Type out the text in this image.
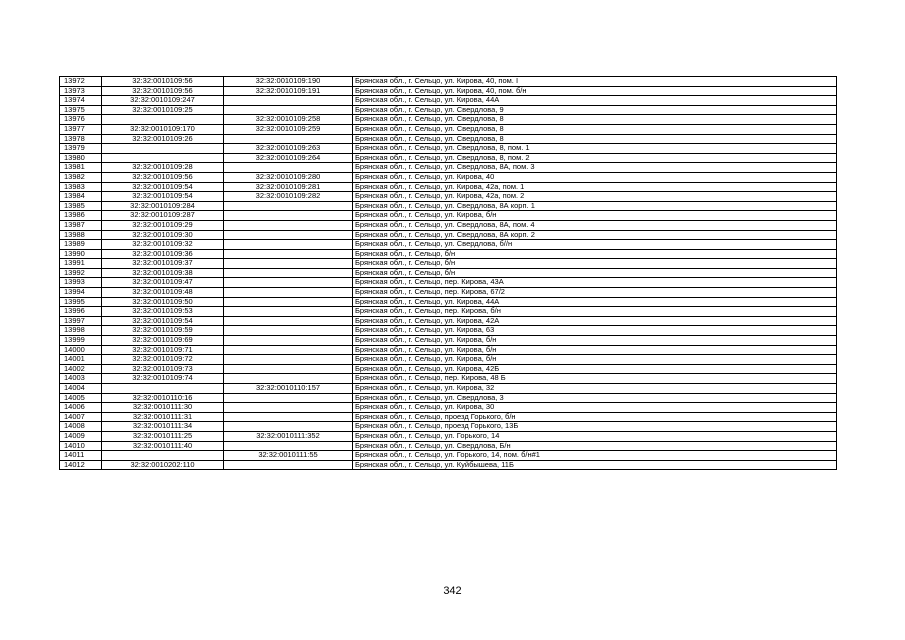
13972	32:32:0010109:56	32:32:0010109:190	Брянская обл., г. Сельцо, ул. Кирова, 40, пом. I
13973	32:32:0010109:56	32:32:0010109:191	Брянская обл., г. Сельцо, ул. Кирова, 40, пом. б/н
13974	32:32:0010109:247		Брянская обл., г. Сельцо, ул. Кирова, 44А
13975	32:32:0010109:25		Брянская обл., г. Сельцо, ул. Свердлова, 9
13976		32:32:0010109:258	Брянская обл., г. Сельцо, ул. Свердлова, 8
13977	32:32:0010109:170	32:32:0010109:259	Брянская обл., г. Сельцо, ул. Свердлова, 8
13978	32:32:0010109:26		Брянская обл., г. Сельцо, ул. Свердлова, 8
13979		32:32:0010109:263	Брянская обл., г. Сельцо, ул. Свердлова, 8, пом. 1
13980		32:32:0010109:264	Брянская обл., г. Сельцо, ул. Свердлова, 8, пом. 2
13981	32:32:0010109:28		Брянская обл., г. Сельцо, ул. Свердлова, 8А, пом. 3
13982	32:32:0010109:56	32:32:0010109:280	Брянская обл., г. Сельцо, ул. Кирова, 40
13983	32:32:0010109:54	32:32:0010109:281	Брянская обл., г. Сельцо, ул. Кирова, 42а, пом. 1
13984	32:32:0010109:54	32:32:0010109:282	Брянская обл., г. Сельцо, ул. Кирова, 42а, пом. 2
13985	32:32:0010109:284		Брянская обл., г. Сельцо, ул. Свердлова, 8А корп. 1
13986	32:32:0010109:287		Брянская обл., г. Сельцо, ул. Кирова, б/н
13987	32:32:0010109:29		Брянская обл., г. Сельцо, ул. Свердлова, 8А, пом. 4
13988	32:32:0010109:30		Брянская обл., г. Сельцо, ул. Свердлова, 8А корп. 2
13989	32:32:0010109:32		Брянская обл., г. Сельцо, ул. Свердлова, б//н
13990	32:32:0010109:36		Брянская обл., г. Сельцо, б/н
13991	32:32:0010109:37		Брянская обл., г. Сельцо, б/н
13992	32:32:0010109:38		Брянская обл., г. Сельцо, б/н
13993	32:32:0010109:47		Брянская обл., г. Сельцо, пер. Кирова, 43А
13994	32:32:0010109:48		Брянская обл., г. Сельцо, пер. Кирова, 67/2
13995	32:32:0010109:50		Брянская обл., г. Сельцо, ул. Кирова, 44А
13996	32:32:0010109:53		Брянская обл., г. Сельцо, пер. Кирова, б/н
13997	32:32:0010109:54		Брянская обл., г. Сельцо, ул. Кирова, 42А
13998	32:32:0010109:59		Брянская обл., г. Сельцо, ул. Кирова, 63
13999	32:32:0010109:69		Брянская обл., г. Сельцо, ул. Кирова, б/н
14000	32:32:0010109:71		Брянская обл., г. Сельцо, ул. Кирова, б/н
14001	32:32:0010109:72		Брянская обл., г. Сельцо, ул. Кирова, б/н
14002	32:32:0010109:73		Брянская обл., г. Сельцо, ул. Кирова, 42Б
14003	32:32:0010109:74		Брянская обл., г. Сельцо, пер. Кирова, 48 Б
14004		32:32:0010110:157	Брянская обл., г. Сельцо, ул. Кирова, 32
14005	32:32:0010110:16		Брянская обл., г. Сельцо, ул. Свердлова, 3
14006	32:32:0010111:30		Брянская обл., г. Сельцо, ул. Кирова, 30
14007	32:32:0010111:31		Брянская обл., г. Сельцо, проезд Горького, б/н
14008	32:32:0010111:34		Брянская обл., г. Сельцо, проезд Горького, 13Б
14009	32:32:0010111:25	32:32:0010111:352	Брянская обл., г. Сельцо, ул. Горького, 14
14010	32:32:0010111:40		Брянская обл., г. Сельцо, ул. Свердлова, Б/н
14011		32:32:0010111:55	Брянская обл., г. Сельцо, ул. Горького, 14, пом. б/н#1
14012	32:32:0010202:110		Брянская обл., г. Сельцо, ул. Куйбышева, 11Б
342
